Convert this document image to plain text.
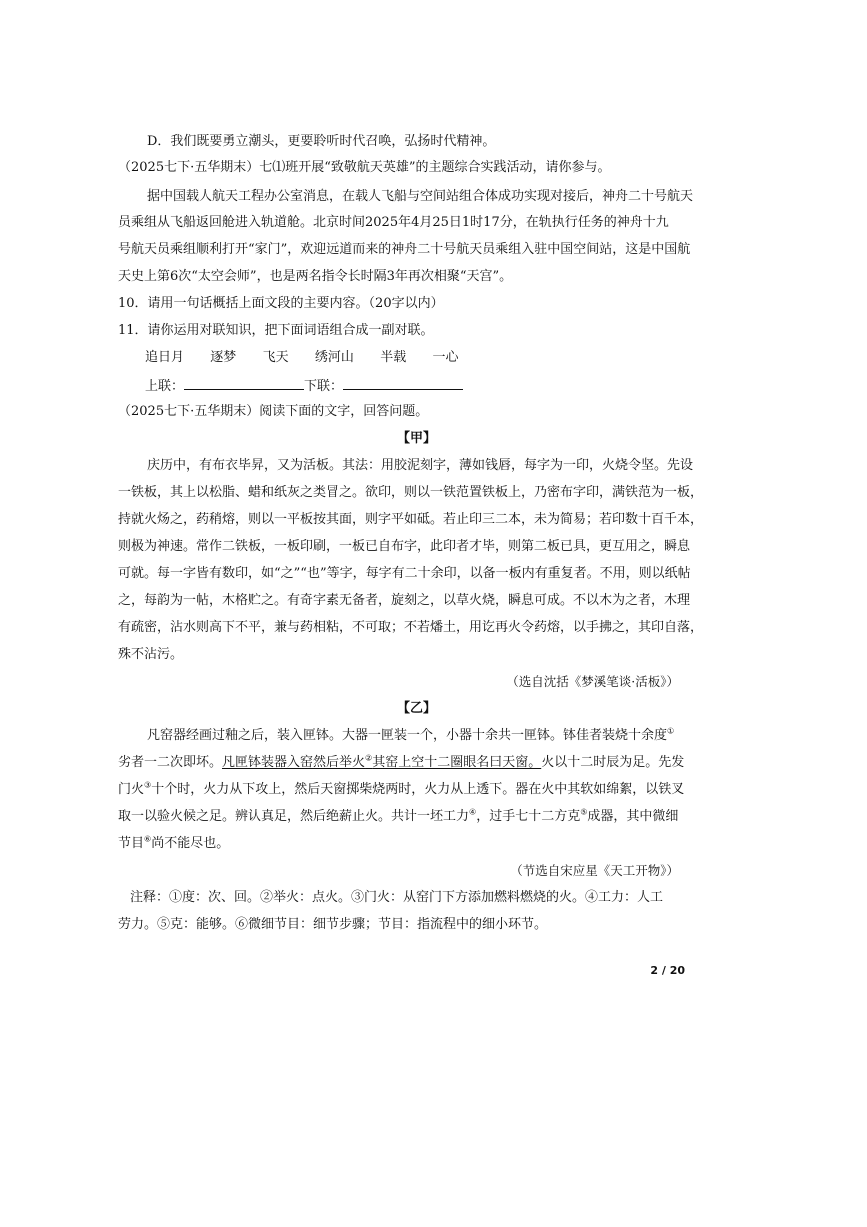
D．我们既要勇立潮头，更要聆听时代召唤，弘扬时代精神。
（2025七下·五华期末）七⑴班开展“致敬航天英雄”的主题综合实践活动，请你参与。
据中国载人航天工程办公室消息，在载人飞船与空间站组合体成功实现对接后，神舟二十号航天
员乘组从飞船返回舱进入轨道舱。北京时间2025年4月25日1时17分，在轨执行任务的神舟十九
号航天员乘组顺利打开“家门”，欢迎远道而来的神舟二十号航天员乘组入驻中国空间站，这是中国航
天史上第6次“太空会师”，也是两名指令长时隔3年再次相聚“天宫”。
10．请用一句话概括上面文段的主要内容。（20字以内）
11．请你运用对联知识，把下面词语组合成一副对联。
追日月 逐梦 飞天 绣河山 半载 一心
上联：	下联：
（2025七下·五华期末）阅读下面的文字，回答问题。
【甲】
庆历中，有布衣毕昇，又为活板。其法：用胶泥刻字，薄如钱唇，每字为一印，火烧令坚。先设
一铁板，其上以松脂、蜡和纸灰之类冒之。欲印，则以一铁范置铁板上，乃密布字印，满铁范为一板，
持就火炀之，药稍熔，则以一平板按其面，则字平如砥。若止印三二本，未为简易；若印数十百千本，
则极为神速。常作二铁板，一板印刷，一板已自布字，此印者才毕，则第二板已具，更互用之，瞬息
可就。每一字皆有数印，如“之”“也”等字，每字有二十余印，以备一板内有重复者。不用，则以纸帖
之，每韵为一帖，木格贮之。有奇字素无备者，旋刻之，以草火烧，瞬息可成。不以木为之者，木理
有疏密，沾水则高下不平，兼与药相粘，不可取；不若燔土，用讫再火令药熔，以手拂之，其印自落，
殊不沾污。
（选自沈括《梦溪笔谈·活板》）
【乙】
凡窑器经画过釉之后，装入匣钵。大器一匣装一个，小器十余共一匣钵。钵佳者装烧十余度①
劣者一二次即坏。凡匣钵装器入窑然后举火②其窑上空十二圈眼名曰天窗。火以十二时辰为足。先发
门火③十个时，火力从下攻上，然后天窗掷柴烧两时，火力从上透下。器在火中其软如绵絮，以铁叉
取一以验火候之足。辨认真足，然后绝薪止火。共计一坯工力④，过手七十二方克⑤成器，其中微细
节目⑥尚不能尽也。
（节选自宋应星《天工开物》）
注释：①度：次、回。②举火：点火。③门火：从窑门下方添加燃料燃烧的火。④工力：人工
劳力。⑤克：能够。⑥微细节目：细节步骤；节目：指流程中的细小环节。
2 / 20
